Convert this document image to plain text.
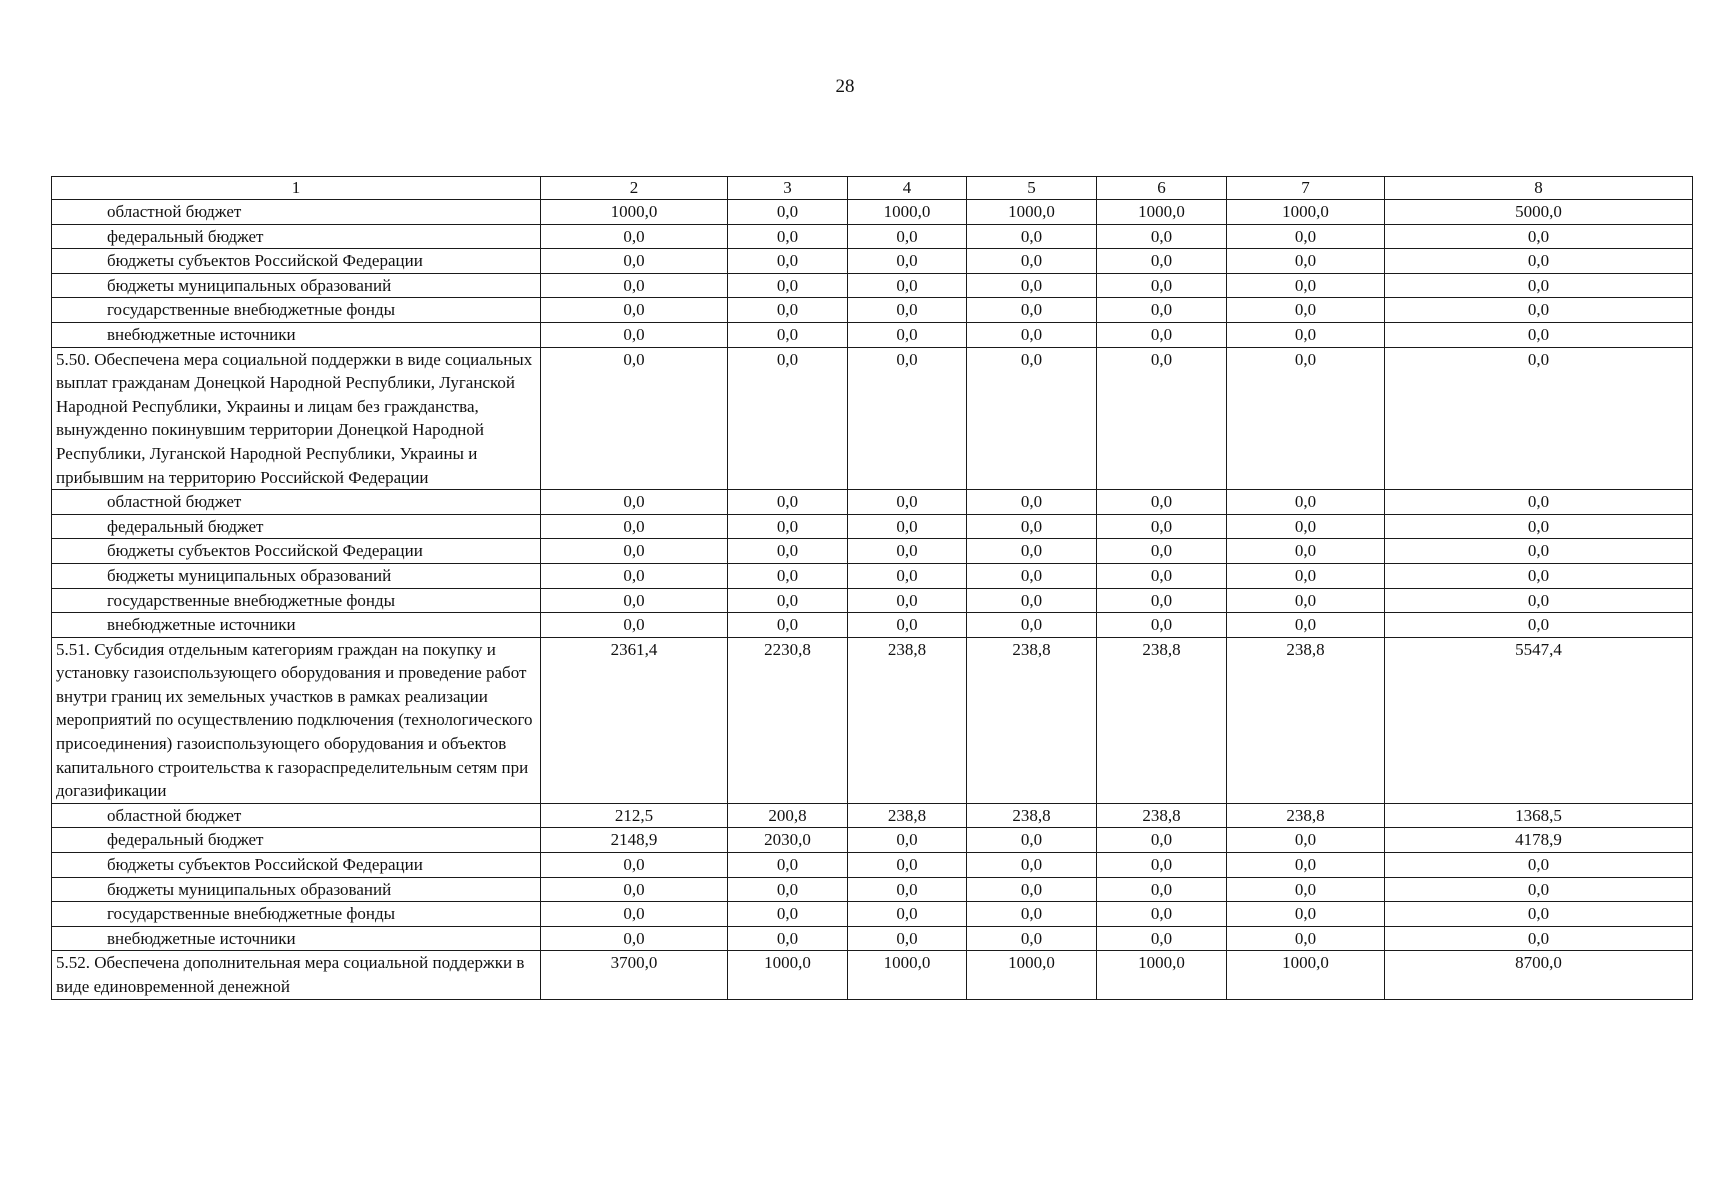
28
1	2	3	4	5	6	7	8
областной бюджет	1000,0	0,0	1000,0	1000,0	1000,0	1000,0	5000,0
федеральный бюджет	0,0	0,0	0,0	0,0	0,0	0,0	0,0
бюджеты субъектов Российской Федерации	0,0	0,0	0,0	0,0	0,0	0,0	0,0
бюджеты муниципальных образований	0,0	0,0	0,0	0,0	0,0	0,0	0,0
государственные внебюджетные фонды	0,0	0,0	0,0	0,0	0,0	0,0	0,0
внебюджетные источники	0,0	0,0	0,0	0,0	0,0	0,0	0,0
5.50. Обеспечена мера социальной поддержки в виде социальных выплат гражданам Донецкой Народной Республики, Луганской Народной Республики, Украины и лицам без гражданства, вынужденно покинувшим территории Донецкой Народной Республики, Луганской Народной Республики, Украины и прибывшим на территорию Российской Федерации	0,0	0,0	0,0	0,0	0,0	0,0	0,0
областной бюджет	0,0	0,0	0,0	0,0	0,0	0,0	0,0
федеральный бюджет	0,0	0,0	0,0	0,0	0,0	0,0	0,0
бюджеты субъектов Российской Федерации	0,0	0,0	0,0	0,0	0,0	0,0	0,0
бюджеты муниципальных образований	0,0	0,0	0,0	0,0	0,0	0,0	0,0
государственные внебюджетные фонды	0,0	0,0	0,0	0,0	0,0	0,0	0,0
внебюджетные источники	0,0	0,0	0,0	0,0	0,0	0,0	0,0
5.51. Субсидия отдельным категориям граждан на покупку и установку газоиспользующего оборудования и проведение работ внутри границ их земельных участков в рамках реализации мероприятий по осуществлению подключения (технологического присоединения) газоиспользующего оборудования и объектов капитального строительства к газораспределительным сетям при догазификации	2361,4	2230,8	238,8	238,8	238,8	238,8	5547,4
областной бюджет	212,5	200,8	238,8	238,8	238,8	238,8	1368,5
федеральный бюджет	2148,9	2030,0	0,0	0,0	0,0	0,0	4178,9
бюджеты субъектов Российской Федерации	0,0	0,0	0,0	0,0	0,0	0,0	0,0
бюджеты муниципальных образований	0,0	0,0	0,0	0,0	0,0	0,0	0,0
государственные внебюджетные фонды	0,0	0,0	0,0	0,0	0,0	0,0	0,0
внебюджетные источники	0,0	0,0	0,0	0,0	0,0	0,0	0,0
5.52. Обеспечена дополнительная мера социальной поддержки в виде единовременной денежной	3700,0	1000,0	1000,0	1000,0	1000,0	1000,0	8700,0
